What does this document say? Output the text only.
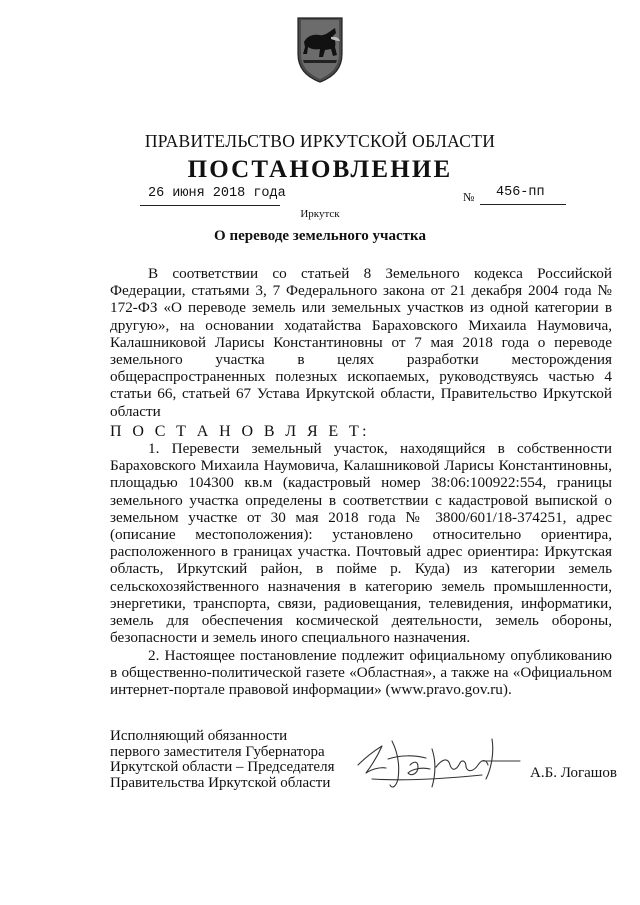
ПРАВИТЕЛЬСТВО ИРКУТСКОЙ ОБЛАСТИ
ПОСТАНОВЛЕНИЕ
26 июня 2018 года	№ 456-пп
Иркутск
О переводе земельного участка

В соответствии со статьей 8 Земельного кодекса Российской Федерации, статьями 3, 7 Федерального закона от 21 декабря 2004 года № 172-ФЗ «О переводе земель или земельных участков из одной категории в другую», на основании ходатайства Бараховского Михаила Наумовича, Калашниковой Ларисы Константиновны от 7 мая 2018 года о переводе земельного участка в целях разработки месторождения общераспространенных полезных ископаемых, руководствуясь частью 4 статьи 66, статьей 67 Устава Иркутской области, Правительство Иркутской области

П О С Т А Н О В Л Я Е Т:

1. Перевести земельный участок, находящийся в собственности Бараховского Михаила Наумовича, Калашниковой Ларисы Константиновны, площадью 104300 кв.м (кадастровый номер 38:06:100922:554, границы земельного участка определены в соответствии с кадастровой выпиской о земельном участке от 30 мая 2018 года № 3800/601/18-374251, адрес (описание местоположения): установлено относительно ориентира, расположенного в границах участка. Почтовый адрес ориентира: Иркутская область, Иркутский район, в пойме р. Куда) из категории земель сельскохозяйственного назначения в категорию земель промышленности, энергетики, транспорта, связи, радиовещания, телевидения, информатики, земель для обеспечения космической деятельности, земель обороны, безопасности и земель иного специального назначения.

2. Настоящее постановление подлежит официальному опубликованию в общественно-политической газете «Областная», а также на «Официальном интернет-портале правовой информации» (www.pravo.gov.ru).

Исполняющий обязанности
первого заместителя Губернатора
Иркутской области – Председателя
Правительства Иркутской области
А.Б. Логашов
